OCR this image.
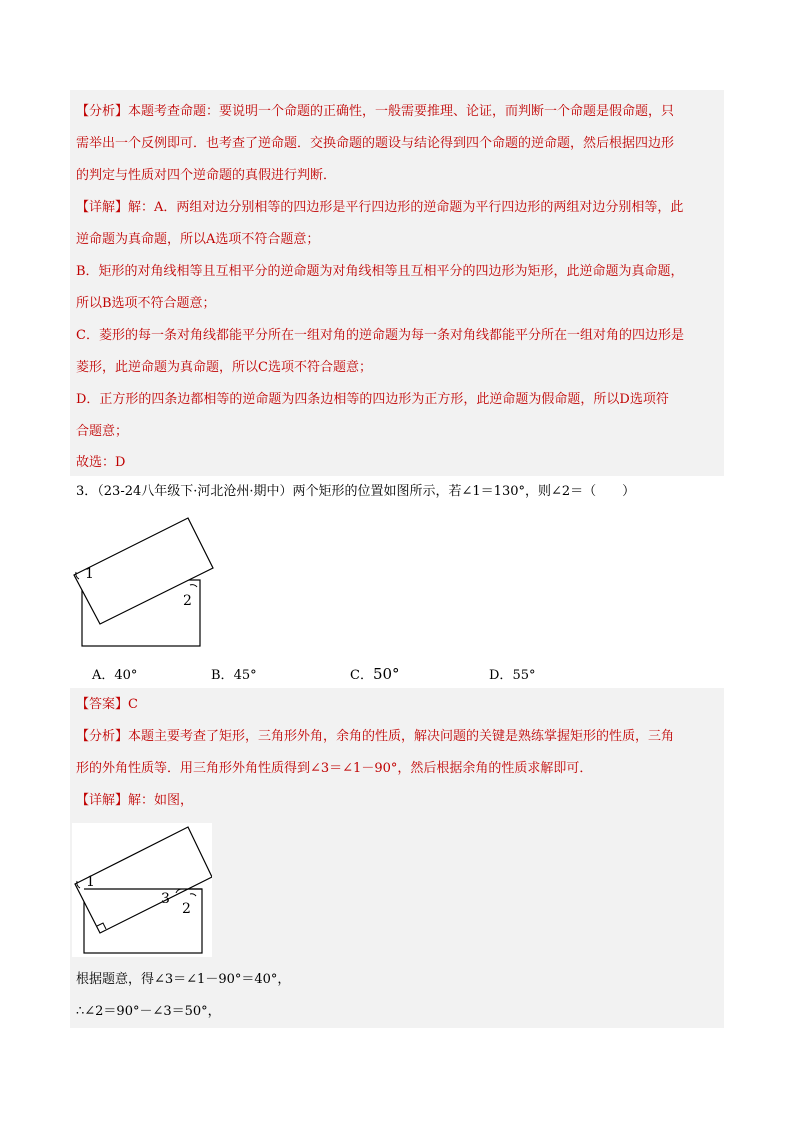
【分析】本题考查命题：要说明一个命题的正确性，一般需要推理、论证，而判断一个命题是假命题，只
需举出一个反例即可．也考查了逆命题．交换命题的题设与结论得到四个命题的逆命题，然后根据四边形
的判定与性质对四个逆命题的真假进行判断．
【详解】解：A．两组对边分别相等的四边形是平行四边形的逆命题为平行四边形的两组对边分别相等，此
逆命题为真命题，所以A选项不符合题意；
B．矩形的对角线相等且互相平分的逆命题为对角线相等且互相平分的四边形为矩形，此逆命题为真命题，
所以B选项不符合题意；
C．菱形的每一条对角线都能平分所在一组对角的逆命题为每一条对角线都能平分所在一组对角的四边形是
菱形，此逆命题为真命题，所以C选项不符合题意；
D．正方形的四条边都相等的逆命题为四条边相等的四边形为正方形，此逆命题为假命题，所以D选项符
合题意；
故选：D
3．（23-24八年级下·河北沧州·期中）两个矩形的位置如图所示，若∠1＝130°，则∠2＝（　　）
1
2
A．40°	B．45°	C．50°	D．55°
【答案】C
【分析】本题主要考查了矩形，三角形外角，余角的性质，解决问题的关键是熟练掌握矩形的性质，三角
形的外角性质等．用三角形外角性质得到∠3＝∠1－90°，然后根据余角的性质求解即可．
【详解】解：如图，
1
3
2
根据题意，得∠3＝∠1－90°＝40°，
∴∠2＝90°－∠3＝50°，
